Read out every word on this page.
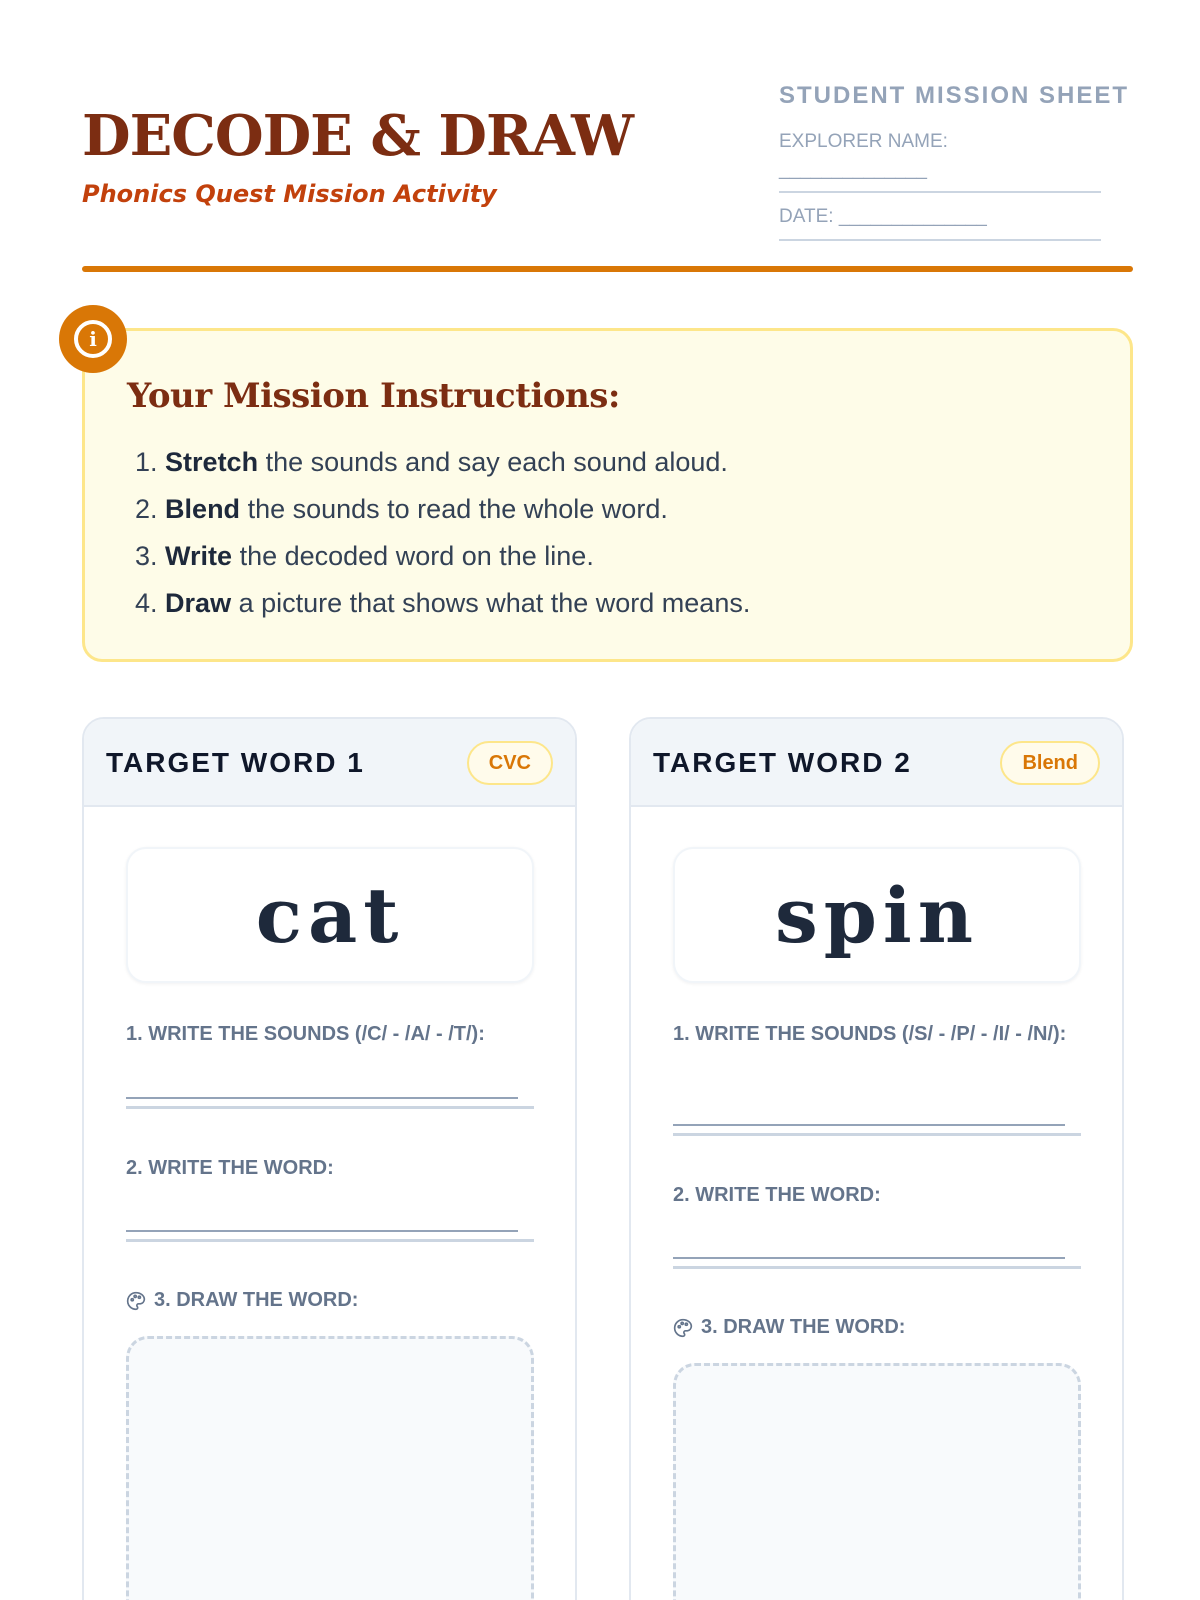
DECODE & DRAW
Phonics Quest Mission Activity
STUDENT MISSION SHEET
EXPLORER NAME: ______________
DATE: ______________
i
Your Mission Instructions:
1. Stretch the sounds and say each sound aloud.
2. Blend the sounds to read the whole word.
3. Write the decoded word on the line.
4. Draw a picture that shows what the word means.
TARGET WORD 1	CVC
cat
1. WRITE THE SOUNDS (/C/ - /A/ - /T/):
2. WRITE THE WORD:
3. DRAW THE WORD:
TARGET WORD 2	Blend
spin
1. WRITE THE SOUNDS (/S/ - /P/ - /I/ - /N/):
2. WRITE THE WORD:
3. DRAW THE WORD:
